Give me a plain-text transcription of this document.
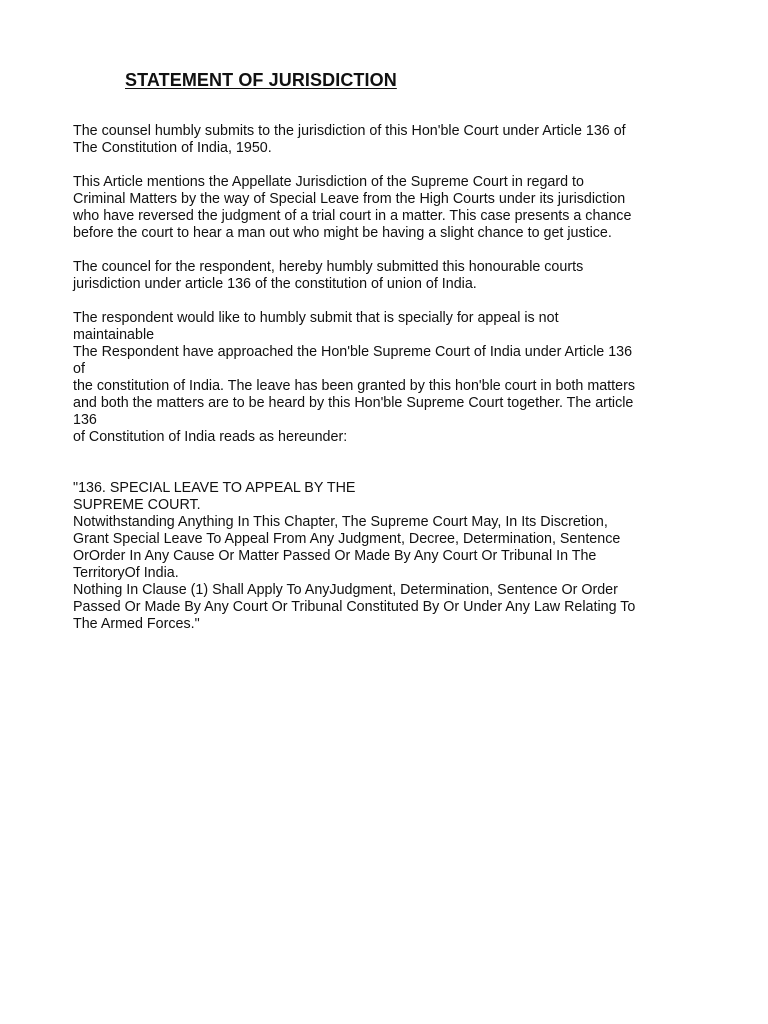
STATEMENT OF JURISDICTION

The counsel humbly submits to the jurisdiction of this Hon'ble Court under Article 136 of
The Constitution of India, 1950.

This Article mentions the Appellate Jurisdiction of the Supreme Court in regard to
Criminal Matters by the way of Special Leave from the High Courts under its jurisdiction
who have reversed the judgment of a trial court in a matter. This case presents a chance
before the court to hear a man out who might be having a slight chance to get justice.

The councel for the respondent, hereby humbly submitted this honourable courts
jurisdiction under article 136 of the constitution of union of India.

The respondent would like to humbly submit that is specially for appeal is not
maintainable
The Respondent have approached the Hon'ble Supreme Court of India under Article 136
of
the constitution of India. The leave has been granted by this hon'ble court in both matters
and both the matters are to be heard by this Hon'ble Supreme Court together. The article
136
of Constitution of India reads as hereunder:

"136. SPECIAL LEAVE TO APPEAL BY THE
SUPREME COURT.
Notwithstanding Anything In This Chapter, The Supreme Court May, In Its Discretion,
Grant Special Leave To Appeal From Any Judgment, Decree, Determination, Sentence
OrOrder In Any Cause Or Matter Passed Or Made By Any Court Or Tribunal In The
TerritoryOf India.
Nothing In Clause (1) Shall Apply To AnyJudgment, Determination, Sentence Or Order
Passed Or Made By Any Court Or Tribunal Constituted By Or Under Any Law Relating To
The Armed Forces."
